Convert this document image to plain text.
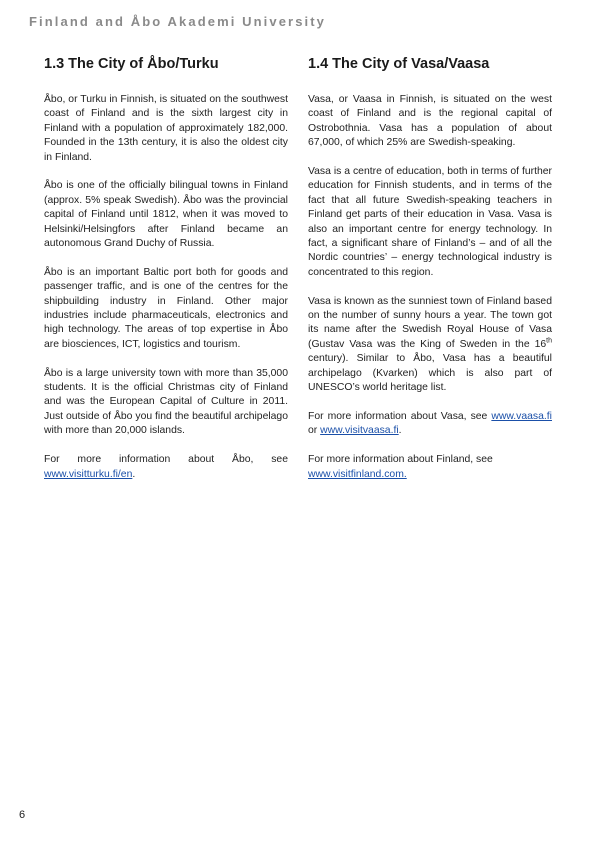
Finland and Åbo Akademi University
1.3 The City of Åbo/Turku

Åbo, or Turku in Finnish, is situated on the southwest coast of Finland and is the sixth largest city in Finland with a population of approximately 182,000. Founded in the 13th century, it is also the oldest city in Finland.

Åbo is one of the officially bilingual towns in Finland (approx. 5% speak Swedish). Åbo was the provincial capital of Finland until 1812, when it was moved to Helsinki/Helsingfors after Finland became an autonomous Grand Duchy of Russia.

Åbo is an important Baltic port both for goods and passenger traffic, and is one of the centres for the shipbuilding industry in Finland. Other major industries include pharmaceuticals, electronics and high technology. The areas of top expertise in Åbo are biosciences, ICT, logistics and tourism.

Åbo is a large university town with more than 35,000 students. It is the official Christmas city of Finland and was the European Capital of Culture in 2011. Just outside of Åbo you find the beautiful archipelago with more than 20,000 islands.

For more information about Åbo, see www.visitturku.fi/en.

1.4 The City of Vasa/Vaasa

Vasa, or Vaasa in Finnish, is situated on the west coast of Finland and is the regional capital of Ostrobothnia. Vasa has a population of about 67,000, of which 25% are Swedish-speaking.

Vasa is a centre of education, both in terms of further education for Finnish students, and in terms of the fact that all future Swedish-speaking teachers in Finland get parts of their education in Vasa. Vasa is also an important centre for energy technology. In fact, a significant share of Finland’s – and of all the Nordic countries’ – energy technological industry is concentrated to this region.

Vasa is known as the sunniest town of Finland based on the number of sunny hours a year. The town got its name after the Swedish Royal House of Vasa (Gustav Vasa was the King of Sweden in the 16th century). Similar to Åbo, Vasa has a beautiful archipelago (Kvarken) which is also part of UNESCO’s world heritage list.

For more information about Vasa, see www.vaasa.fi or www.visitvaasa.fi.

For more information about Finland, see
www.visitfinland.com.

6
